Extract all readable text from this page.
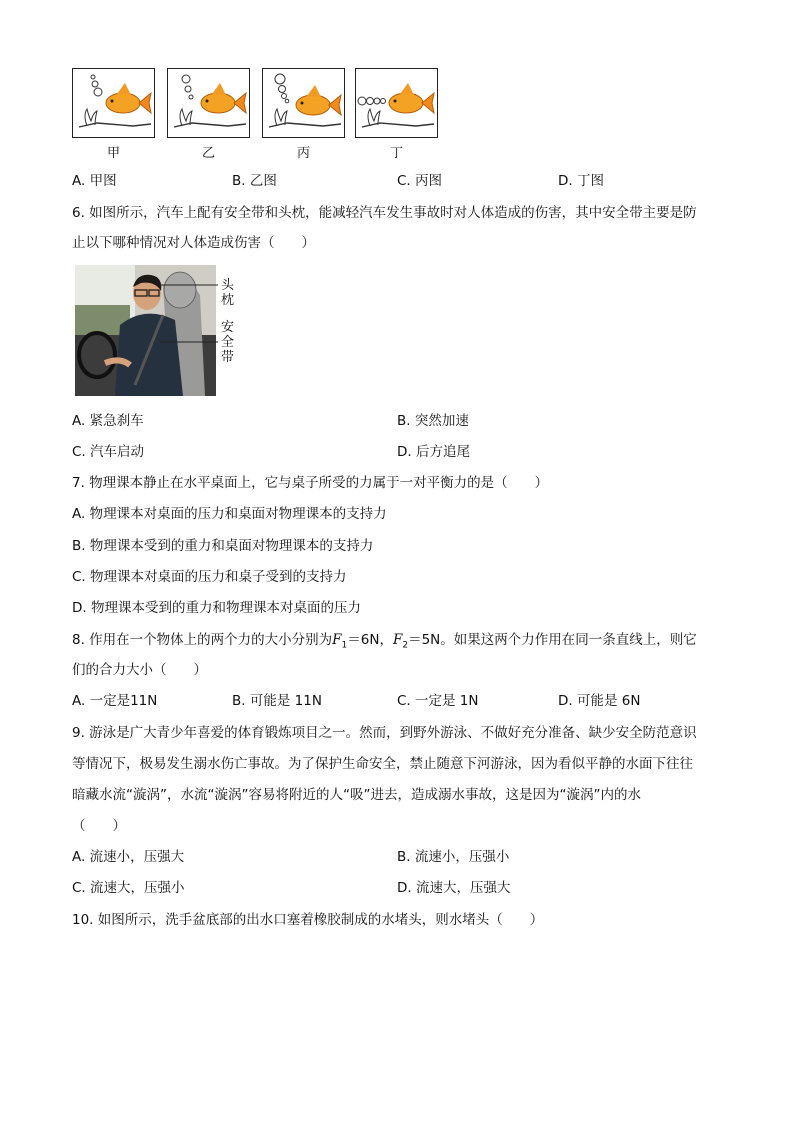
甲	乙	丙	丁
A. 甲图	B. 乙图	C. 丙图	D. 丁图
6. 如图所示，汽车上配有安全带和头枕，能减轻汽车发生事故时对人体造成的伤害，其中安全带主要是防
止以下哪种情况对人体造成伤害（　　）
头枕
安全带
A. 紧急刹车	B. 突然加速
C. 汽车启动	D. 后方追尾
7. 物理课本静止在水平桌面上，它与桌子所受的力属于一对平衡力的是（　　）
A. 物理课本对桌面的压力和桌面对物理课本的支持力
B. 物理课本受到的重力和桌面对物理课本的支持力
C. 物理课本对桌面的压力和桌子受到的支持力
D. 物理课本受到的重力和物理课本对桌面的压力
8. 作用在一个物体上的两个力的大小分别为$F_1=6N$，$F_2=5N$。如果这两个力作用在同一条直线上，则它
们的合力大小（　　）
A. 一定是11N	B. 可能是 11N	C. 一定是 1N	D. 可能是 6N
9. 游泳是广大青少年喜爱的体育锻炼项目之一。然而，到野外游泳、不做好充分准备、缺少安全防范意识
等情况下，极易发生溺水伤亡事故。为了保护生命安全，禁止随意下河游泳，因为看似平静的水面下往往
暗藏水流“漩涡”，水流“漩涡”容易将附近的人“吸”进去，造成溺水事故，这是因为“漩涡”内的水
（　　）
A. 流速小，压强大	B. 流速小，压强小
C. 流速大，压强小	D. 流速大，压强大
10. 如图所示，洗手盆底部的出水口塞着橡胶制成的水堵头，则水堵头（　　）
